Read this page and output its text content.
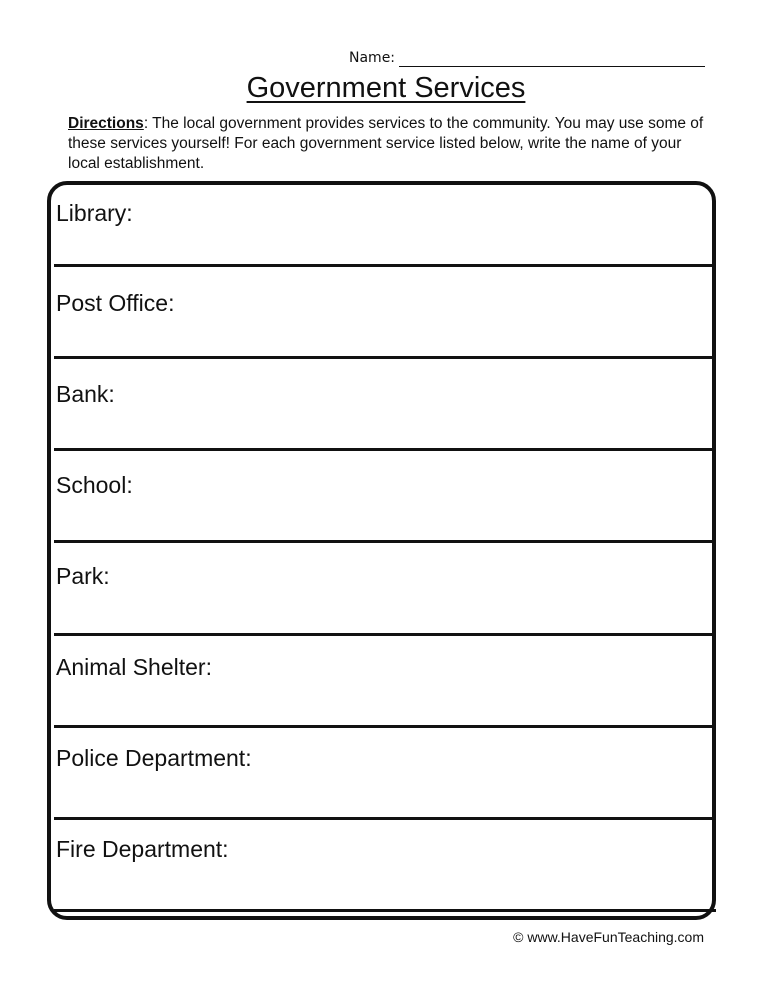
Name:
Government Services
Directions: The local government provides services to the community. You may use some of these services yourself! For each government service listed below, write the name of your local establishment.
Library:
Post Office:
Bank:
School:
Park:
Animal Shelter:
Police Department:
Fire Department:
© www.HaveFunTeaching.com
